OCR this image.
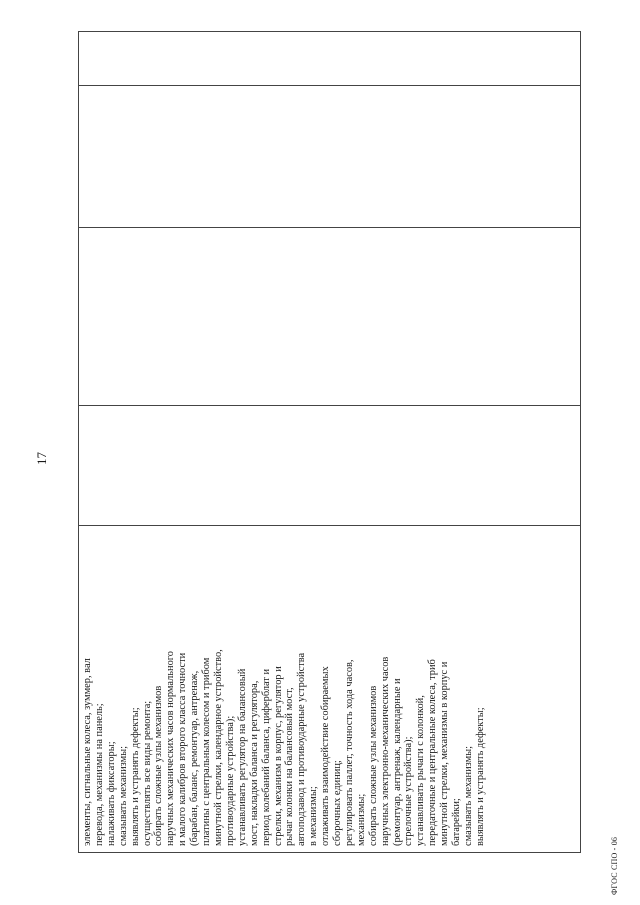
17
элементы, сигнальные колеса, зуммер, вал перевода, механизмы на панель; налаживать фиксаторы; смазывать механизмы; выявлять и устранять дефекты; осуществлять все виды ремонта; собирать сложные узлы механизмов наручных механических часов нормального и малого калибров второго класса точности (барабан, баланс, ремонтуар, антренаж, платины с центральным колесом и трибом минутной стрелки, календарное устройство, противоударные устройства); устанавливать регулятор на балансовый мост, накладки баланса и регулятора, период колебаний баланса, циферблат и стрелки, механизм в корпус, регулятор и рычаг колонки на балансовый мост, автоподзавод и противоударные устройства в механизмы; отлаживать взаимодействие собираемых сборочных единиц; регулировать паллет, точность хода часов, механизмы; собирать сложные узлы механизмов наручных электронно-механических часов (ремонтуар, антренаж, календарные и стрелочные устройства); устанавливать рычаги с колонкой, передаточные и центральные колеса, триб минутной стрелки, механизмы в корпус и батарейки; смазывать механизмы; выявлять и устранять дефекты;
ФГОС СПО - 06
